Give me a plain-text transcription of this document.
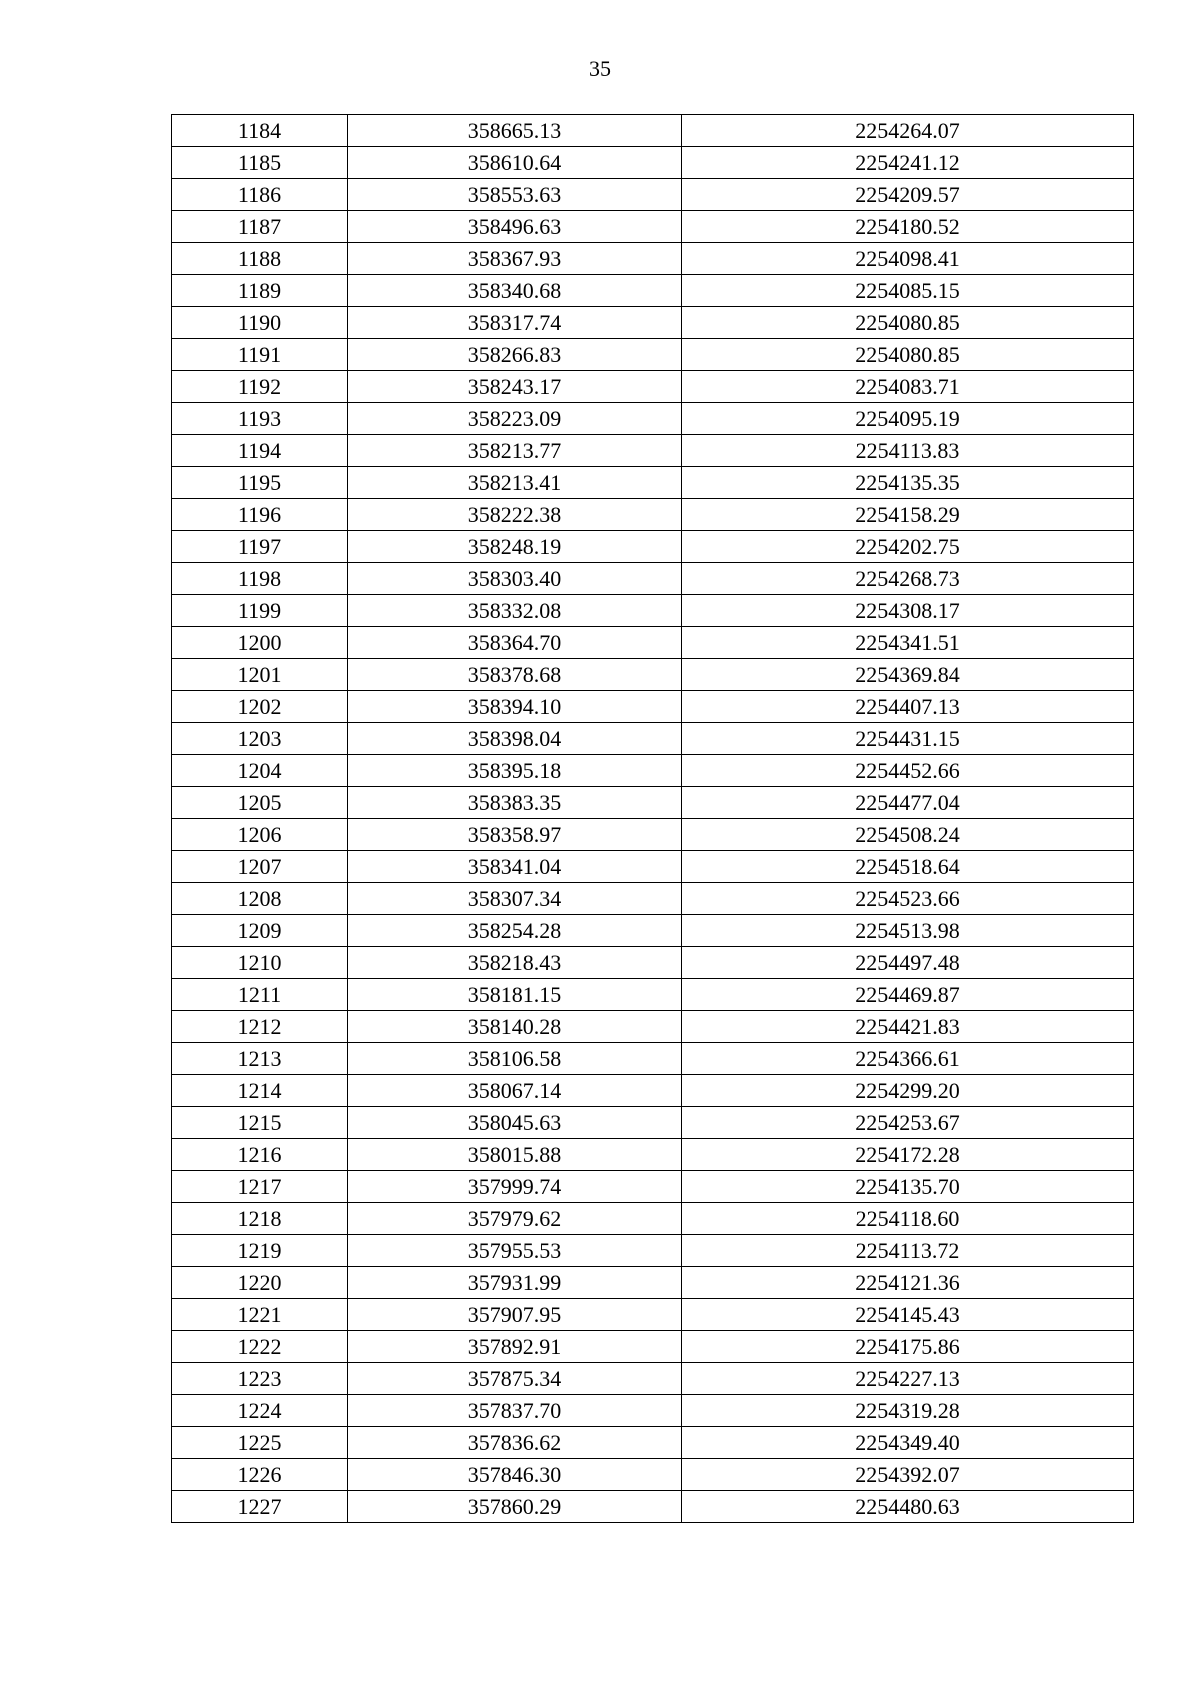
35
1184	358665.13	2254264.07
1185	358610.64	2254241.12
1186	358553.63	2254209.57
1187	358496.63	2254180.52
1188	358367.93	2254098.41
1189	358340.68	2254085.15
1190	358317.74	2254080.85
1191	358266.83	2254080.85
1192	358243.17	2254083.71
1193	358223.09	2254095.19
1194	358213.77	2254113.83
1195	358213.41	2254135.35
1196	358222.38	2254158.29
1197	358248.19	2254202.75
1198	358303.40	2254268.73
1199	358332.08	2254308.17
1200	358364.70	2254341.51
1201	358378.68	2254369.84
1202	358394.10	2254407.13
1203	358398.04	2254431.15
1204	358395.18	2254452.66
1205	358383.35	2254477.04
1206	358358.97	2254508.24
1207	358341.04	2254518.64
1208	358307.34	2254523.66
1209	358254.28	2254513.98
1210	358218.43	2254497.48
1211	358181.15	2254469.87
1212	358140.28	2254421.83
1213	358106.58	2254366.61
1214	358067.14	2254299.20
1215	358045.63	2254253.67
1216	358015.88	2254172.28
1217	357999.74	2254135.70
1218	357979.62	2254118.60
1219	357955.53	2254113.72
1220	357931.99	2254121.36
1221	357907.95	2254145.43
1222	357892.91	2254175.86
1223	357875.34	2254227.13
1224	357837.70	2254319.28
1225	357836.62	2254349.40
1226	357846.30	2254392.07
1227	357860.29	2254480.63
